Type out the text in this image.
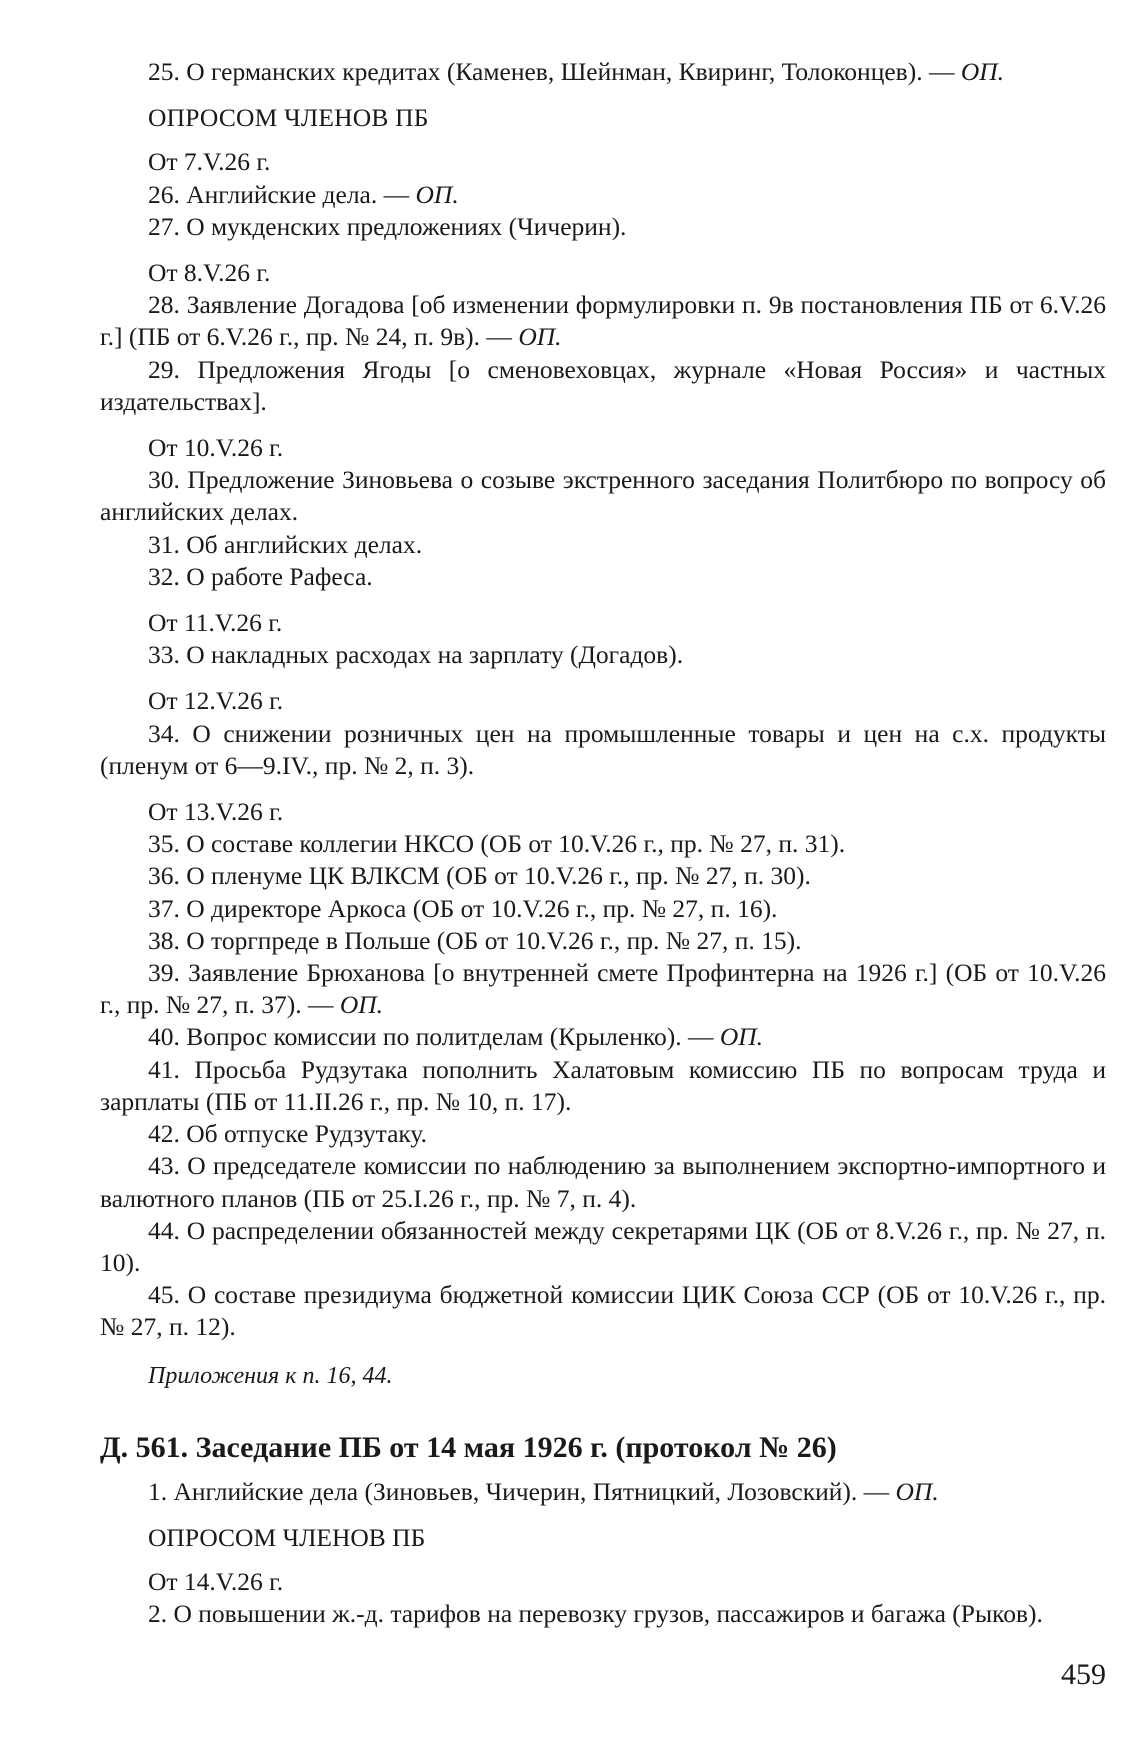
25. О германских кредитах (Каменев, Шейнман, Квиринг, Толоконцев). — ОП.

ОПРОСОМ ЧЛЕНОВ ПБ

От 7.V.26 г.

26. Английские дела. — ОП.

27. О мукденских предложениях (Чичерин).

От 8.V.26 г.

28. Заявление Догадова [об изменении формулировки п. 9в постановления ПБ от 6.V.26 г.] (ПБ от 6.V.26 г., пр. № 24, п. 9в). — ОП.

29. Предложения Ягоды [о сменовеховцах, журнале «Новая Россия» и частных издательствах].

От 10.V.26 г.

30. Предложение Зиновьева о созыве экстренного заседания Политбюро по вопросу об английских делах.

31. Об английских делах.

32. О работе Рафеса.

От 11.V.26 г.

33. О накладных расходах на зарплату (Догадов).

От 12.V.26 г.

34. О снижении розничных цен на промышленные товары и цен на с.х. продукты (пленум от 6—9.IV., пр. № 2, п. 3).

От 13.V.26 г.

35. О составе коллегии НКСО (ОБ от 10.V.26 г., пр. № 27, п. 31).

36. О пленуме ЦК ВЛКСМ (ОБ от 10.V.26 г., пр. № 27, п. 30).

37. О директоре Аркоса (ОБ от 10.V.26 г., пр. № 27, п. 16).

38. О торгпреде в Польше (ОБ от 10.V.26 г., пр. № 27, п. 15).

39. Заявление Брюханова [о внутренней смете Профинтерна на 1926 г.] (ОБ от 10.V.26 г., пр. № 27, п. 37). — ОП.

40. Вопрос комиссии по политделам (Крыленко). — ОП.

41. Просьба Рудзутака пополнить Халатовым комиссию ПБ по вопросам труда и зарплаты (ПБ от 11.II.26 г., пр. № 10, п. 17).

42. Об отпуске Рудзутаку.

43. О председателе комиссии по наблюдению за выполнением экспортно-импортного и валютного планов (ПБ от 25.I.26 г., пр. № 7, п. 4).

44. О распределении обязанностей между секретарями ЦК (ОБ от 8.V.26 г., пр. № 27, п. 10).

45. О составе президиума бюджетной комиссии ЦИК Союза ССР (ОБ от 10.V.26 г., пр. № 27, п. 12).

Приложения к п. 16, 44.

Д. 561. Заседание ПБ от 14 мая 1926 г. (протокол № 26)

1. Английские дела (Зиновьев, Чичерин, Пятницкий, Лозовский). — ОП.

ОПРОСОМ ЧЛЕНОВ ПБ

От 14.V.26 г.

2. О повышении ж.-д. тарифов на перевозку грузов, пассажиров и багажа (Рыков).

459
